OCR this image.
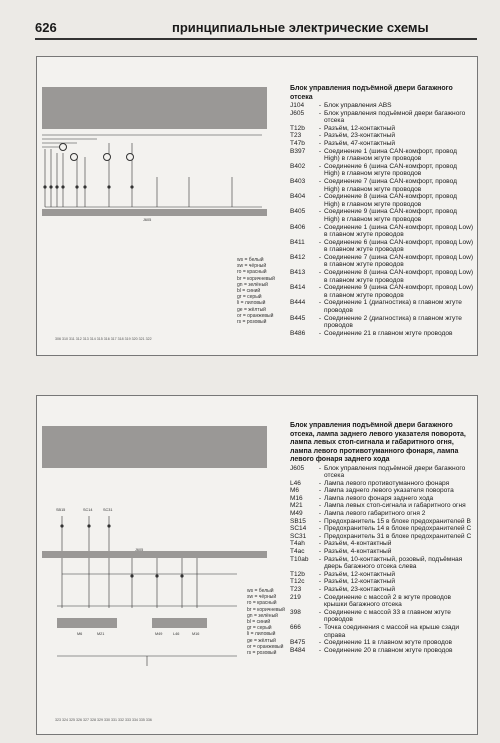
626	принципиальные электрические схемы
J605
ws = белый
sw = чёрный
ro = красный
br = коричневый
gn = зелёный
bl = синий
gr = серый
li = лиловый
ge = жёлтый
or = оранжевый
rs = розовый
306 310 311 312 313 314 315 316 317 318 319 320 321 322
Блок управления подъёмной двери багажного отсека
J104	- Блок управления ABS
J605	- Блок управления подъёмной двери багажного отсека
T12b	- Разъём, 12-контактный
T23	- Разъём, 23-контактный
T47b	- Разъём, 47-контактный
B397	- Соединение 1 (шина CAN-комфорт, провод High) в главном жгуте проводов
B402	- Соединение 6 (шина CAN-комфорт, провод High) в главном жгуте проводов
B403	- Соединение 7 (шина CAN-комфорт, провод High) в главном жгуте проводов
B404	- Соединение 8 (шина CAN-комфорт, провод High) в главном жгуте проводов
B405	- Соединение 9 (шина CAN-комфорт, провод High) в главном жгуте проводов
B406	- Соединение 1 (шина CAN-комфорт, провод Low) в главном жгуте проводов
B411	- Соединение 6 (шина CAN-комфорт, провод Low) в главном жгуте проводов
B412	- Соединение 7 (шина CAN-комфорт, провод Low) в главном жгуте проводов
B413	- Соединение 8 (шина CAN-комфорт, провод Low) в главном жгуте проводов
B414	- Соединение 9 (шина CAN-комфорт, провод Low) в главном жгуте проводов
B444	- Соединение 1 (диагностика) в главном жгуте проводов
B445	- Соединение 2 (диагностика) в главном жгуте проводов
B486	- Соединение 21 в главном жгуте проводов
SB15	SC14	SC31
J605
M6	M21	M49	L46	M16
ws = белый
sw = чёрный
ro = красный
br = коричневый
gn = зелёный
bl = синий
gr = серый
li = лиловый
ge = жёлтый
or = оранжевый
rs = розовый
323 324 325 326 327 328 329 330 331 332 333 334 335 336
Блок управления подъёмной двери багажного отсека, лампа заднего левого указателя поворота, лампа левых стоп-сигнала и габаритного огня, лампа левого противотуманного фонаря, лампа левого фонаря заднего хода
J605	- Блок управления подъёмной двери багажного отсека
L46	- Лампа левого противотуманного фонаря
M6	- Лампа заднего левого указателя поворота
M16	- Лампа левого фонаря заднего хода
M21	- Лампа левых стоп-сигнала и габаритного огня
M49	- Лампа левого габаритного огня 2
SB15	- Предохранитель 15 в блоке предохранителей B
SC14	- Предохранитель 14 в блоке предохранителей C
SC31	- Предохранитель 31 в блоке предохранителей C
T4ah	- Разъём, 4-контактный
T4ac	- Разъём, 4-контактный
T10ab	- Разъём, 10-контактный, розовый, подъёмная дверь багажного отсека слева
T12b	- Разъём, 12-контактный
T12c	- Разъём, 12-контактный
T23	- Разъём, 23-контактный
219	- Соединение с массой 2 в жгуте проводов крышки багажного отсека
398	- Соединение с массой 33 в главном жгуте проводов
666	- Точка соединения с массой на крыше сзади справа
B475	- Соединение 11 в главном жгуте проводов
B484	- Соединение 20 в главном жгуте проводов
